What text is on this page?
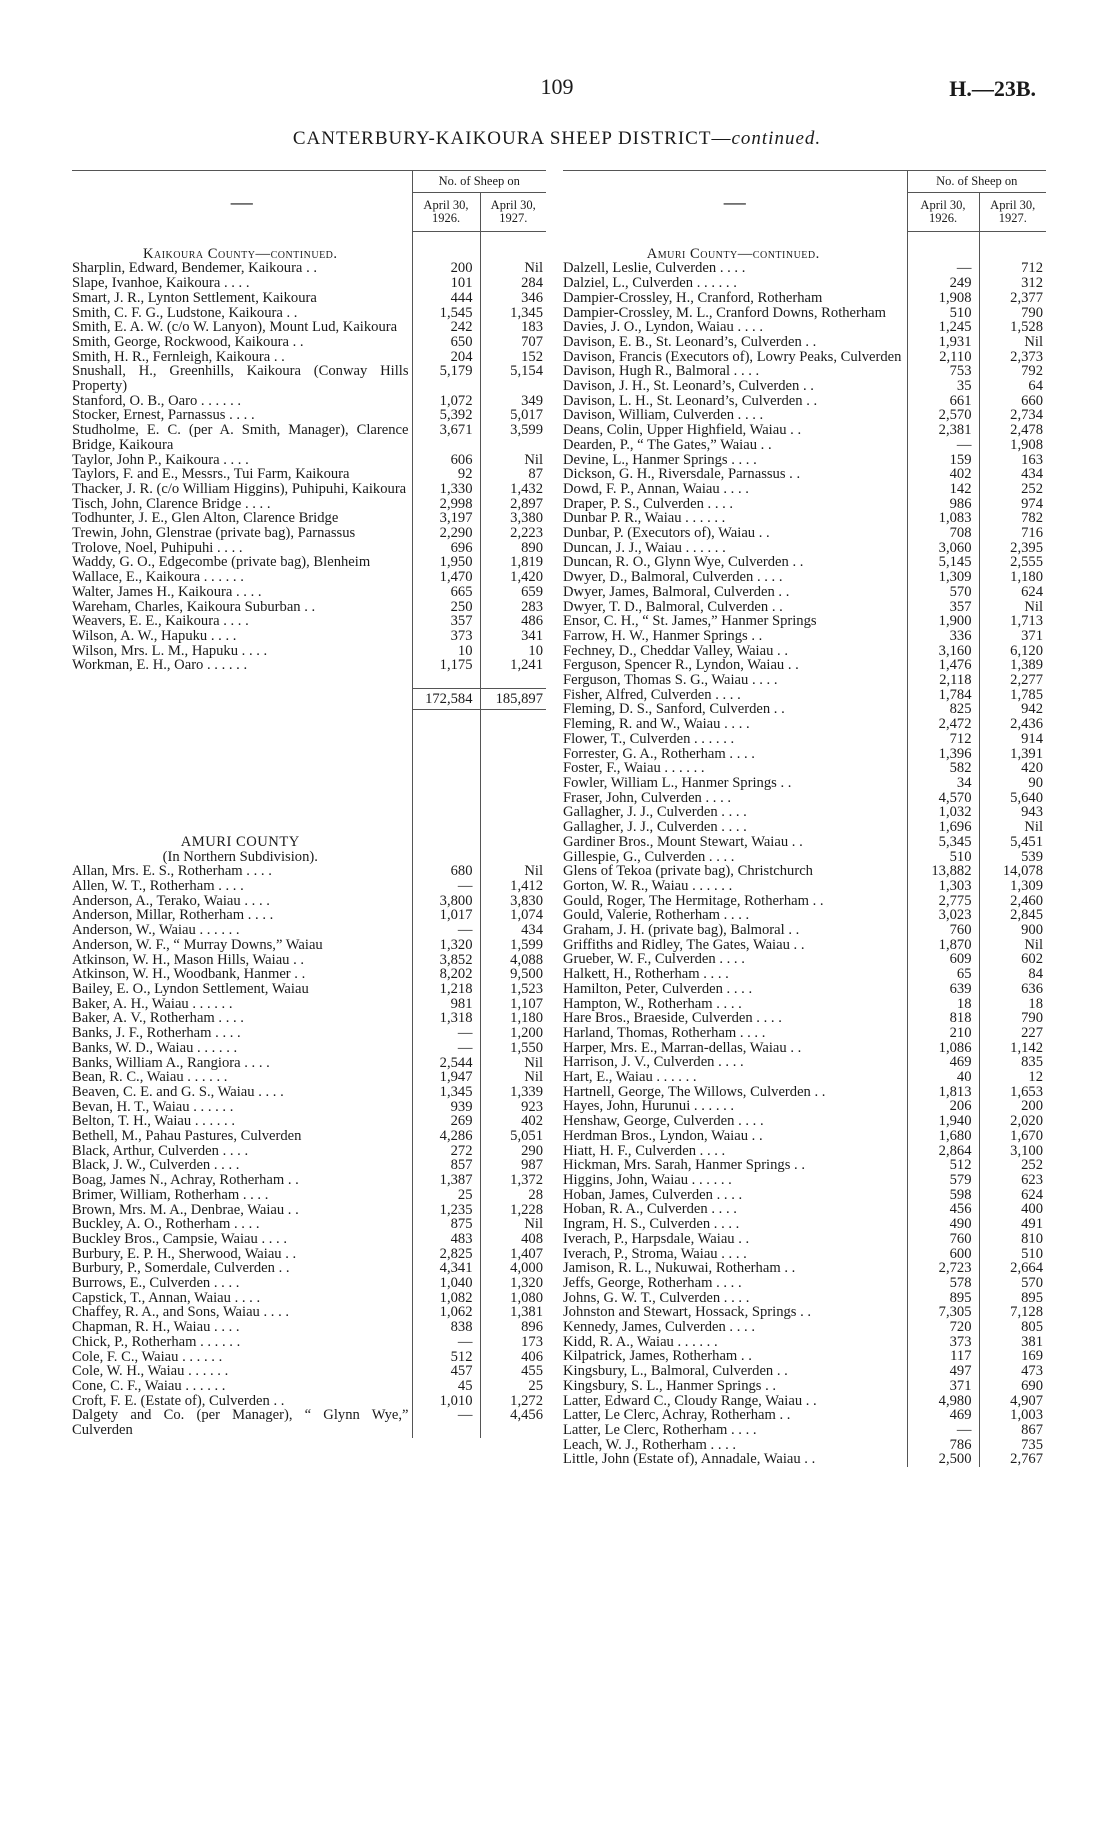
109	H.—23B.
CANTERBURY-KAIKOURA SHEEP DISTRICT—continued.
—	No. of Sheep on	
	April 30, 1926.	April 30, 1927.

Kaikoura County—continued.		
Sharplin, Edward, Bendemer, Kaikoura . .	200	Nil
Slape, Ivanhoe, Kaikoura . . . .	101	284
Smart, J. R., Lynton Settlement, Kaikoura	444	346
Smith, C. F. G., Ludstone, Kaikoura . .	1,545	1,345
Smith, E. A. W. (c/o W. Lanyon), Mount Lud, Kaikoura	242	183
Smith, George, Rockwood, Kaikoura . .	650	707
Smith, H. R., Fernleigh, Kaikoura . .	204	152
Snushall, H., Greenhills, Kaikoura (Conway Hills Property)	5,179	5,154
Stanford, O. B., Oaro . . . . . .	1,072	349
Stocker, Ernest, Parnassus . . . .	5,392	5,017
Studholme, E. C. (per A. Smith, Manager), Clarence Bridge, Kaikoura	3,671	3,599
Taylor, John P., Kaikoura . . . .	606	Nil
Taylors, F. and E., Messrs., Tui Farm, Kaikoura	92	87
Thacker, J. R. (c/o William Higgins), Puhipuhi, Kaikoura	1,330	1,432
Tisch, John, Clarence Bridge . . . .	2,998	2,897
Todhunter, J. E., Glen Alton, Clarence Bridge	3,197	3,380
Trewin, John, Glenstrae (private bag), Parnassus	2,290	2,223
Trolove, Noel, Puhipuhi . . . .	696	890
Waddy, G. O., Edgecombe (private bag), Blenheim	1,950	1,819
Wallace, E., Kaikoura . . . . . .	1,470	1,420
Walter, James H., Kaikoura . . . .	665	659
Wareham, Charles, Kaikoura Suburban . .	250	283
Weavers, E. E., Kaikoura . . . .	357	486
Wilson, A. W., Hapuku . . . .	373	341
Wilson, Mrs. L. M., Hapuku . . . .	10	10
Workman, E. H., Oaro . . . . . .	1,175	1,241

	172,584	185,897

AMURI COUNTY		
(In Northern Subdivision).		
Allan, Mrs. E. S., Rotherham . . . .	680	Nil
Allen, W. T., Rotherham . . . .	—	1,412
Anderson, A., Terako, Waiau . . . .	3,800	3,830
Anderson, Millar, Rotherham . . . .	1,017	1,074
Anderson, W., Waiau . . . . . .	—	434
Anderson, W. F., “ Murray Downs,” Waiau	1,320	1,599
Atkinson, W. H., Mason Hills, Waiau . .	3,852	4,088
Atkinson, W. H., Woodbank, Hanmer . .	8,202	9,500
Bailey, E. O., Lyndon Settlement, Waiau	1,218	1,523
Baker, A. H., Waiau . . . . . .	981	1,107
Baker, A. V., Rotherham . . . .	1,318	1,180
Banks, J. F., Rotherham . . . .	—	1,200
Banks, W. D., Waiau . . . . . .	—	1,550
Banks, William A., Rangiora . . . .	2,544	Nil
Bean, R. C., Waiau . . . . . .	1,947	Nil
Beaven, C. E. and G. S., Waiau . . . .	1,345	1,339
Bevan, H. T., Waiau . . . . . .	939	923
Belton, T. H., Waiau . . . . . .	269	402
Bethell, M., Pahau Pastures, Culverden	4,286	5,051
Black, Arthur, Culverden . . . .	272	290
Black, J. W., Culverden . . . .	857	987
Boag, James N., Achray, Rotherham . .	1,387	1,372
Brimer, William, Rotherham . . . .	25	28
Brown, Mrs. M. A., Denbrae, Waiau . .	1,235	1,228
Buckley, A. O., Rotherham . . . .	875	Nil
Buckley Bros., Campsie, Waiau . . . .	483	408
Burbury, E. P. H., Sherwood, Waiau . .	2,825	1,407
Burbury, P., Somerdale, Culverden . .	4,341	4,000
Burrows, E., Culverden . . . .	1,040	1,320
Capstick, T., Annan, Waiau . . . .	1,082	1,080
Chaffey, R. A., and Sons, Waiau . . . .	1,062	1,381
Chapman, R. H., Waiau . . . .	838	896
Chick, P., Rotherham . . . . . .	—	173
Cole, F. C., Waiau . . . . . .	512	406
Cole, W. H., Waiau . . . . . .	457	455
Cone, C. F., Waiau . . . . . .	45	25
Croft, F. E. (Estate of), Culverden . .	1,010	1,272
Dalgety and Co. (per Manager), “ Glynn Wye,” Culverden	—	4,456
—	No. of Sheep on	
	April 30, 1926.	April 30, 1927.

Amuri County—continued.		
Dalzell, Leslie, Culverden . . . .	—	712
Dalziel, L., Culverden . . . . . .	249	312
Dampier-Crossley, H., Cranford, Rotherham	1,908	2,377
Dampier-Crossley, M. L., Cranford Downs, Rotherham	510	790
Davies, J. O., Lyndon, Waiau . . . .	1,245	1,528
Davison, E. B., St. Leonard’s, Culverden . .	1,931	Nil
Davison, Francis (Executors of), Lowry Peaks, Culverden	2,110	2,373
Davison, Hugh R., Balmoral . . . .	753	792
Davison, J. H., St. Leonard’s, Culverden . .	35	64
Davison, L. H., St. Leonard’s, Culverden . .	661	660
Davison, William, Culverden . . . .	2,570	2,734
Deans, Colin, Upper Highfield, Waiau . .	2,381	2,478
Dearden, P., “ The Gates,” Waiau . .	—	1,908
Devine, L., Hanmer Springs . . . .	159	163
Dickson, G. H., Riversdale, Parnassus . .	402	434
Dowd, F. P., Annan, Waiau . . . .	142	252
Draper, P. S., Culverden . . . .	986	974
Dunbar P. R., Waiau . . . . . .	1,083	782
Dunbar, P. (Executors of), Waiau . .	708	716
Duncan, J. J., Waiau . . . . . .	3,060	2,395
Duncan, R. O., Glynn Wye, Culverden . .	5,145	2,555
Dwyer, D., Balmoral, Culverden . . . .	1,309	1,180
Dwyer, James, Balmoral, Culverden . .	570	624
Dwyer, T. D., Balmoral, Culverden . .	357	Nil
Ensor, C. H., “ St. James,” Hanmer Springs	1,900	1,713
Farrow, H. W., Hanmer Springs . .	336	371
Fechney, D., Cheddar Valley, Waiau . .	3,160	6,120
Ferguson, Spencer R., Lyndon, Waiau . .	1,476	1,389
Ferguson, Thomas S. G., Waiau . . . .	2,118	2,277
Fisher, Alfred, Culverden . . . .	1,784	1,785
Fleming, D. S., Sanford, Culverden . .	825	942
Fleming, R. and W., Waiau . . . .	2,472	2,436
Flower, T., Culverden . . . . . .	712	914
Forrester, G. A., Rotherham . . . .	1,396	1,391
Foster, F., Waiau . . . . . .	582	420
Fowler, William L., Hanmer Springs . .	34	90
Fraser, John, Culverden . . . .	4,570	5,640
Gallagher, J. J., Culverden . . . .	1,032	943
Gallagher, J. J., Culverden . . . .	1,696	Nil
Gardiner Bros., Mount Stewart, Waiau . .	5,345	5,451
Gillespie, G., Culverden . . . .	510	539
Glens of Tekoa (private bag), Christchurch	13,882	14,078
Gorton, W. R., Waiau . . . . . .	1,303	1,309
Gould, Roger, The Hermitage, Rotherham . .	2,775	2,460
Gould, Valerie, Rotherham . . . .	3,023	2,845
Graham, J. H. (private bag), Balmoral . .	760	900
Griffiths and Ridley, The Gates, Waiau . .	1,870	Nil
Grueber, W. F., Culverden . . . .	609	602
Halkett, H., Rotherham . . . .	65	84
Hamilton, Peter, Culverden . . . .	639	636
Hampton, W., Rotherham . . . .	18	18
Hare Bros., Braeside, Culverden . . . .	818	790
Harland, Thomas, Rotherham . . . .	210	227
Harper, Mrs. E., Marran-dellas, Waiau . .	1,086	1,142
Harrison, J. V., Culverden . . . .	469	835
Hart, E., Waiau . . . . . .	40	12
Hartnell, George, The Willows, Culverden . .	1,813	1,653
Hayes, John, Hurunui . . . . . .	206	200
Henshaw, George, Culverden . . . .	1,940	2,020
Herdman Bros., Lyndon, Waiau . .	1,680	1,670
Hiatt, H. F., Culverden . . . .	2,864	3,100
Hickman, Mrs. Sarah, Hanmer Springs . .	512	252
Higgins, John, Waiau . . . . . .	579	623
Hoban, James, Culverden . . . .	598	624
Hoban, R. A., Culverden . . . .	456	400
Ingram, H. S., Culverden . . . .	490	491
Iverach, P., Harpsdale, Waiau . .	760	810
Iverach, P., Stroma, Waiau . . . .	600	510
Jamison, R. L., Nukuwai, Rotherham . .	2,723	2,664
Jeffs, George, Rotherham . . . .	578	570
Johns, G. W. T., Culverden . . . .	895	895
Johnston and Stewart, Hossack, Springs . .	7,305	7,128
Kennedy, James, Culverden . . . .	720	805
Kidd, R. A., Waiau . . . . . .	373	381
Kilpatrick, James, Rotherham . .	117	169
Kingsbury, L., Balmoral, Culverden . .	497	473
Kingsbury, S. L., Hanmer Springs . .	371	690
Latter, Edward C., Cloudy Range, Waiau . .	4,980	4,907
Latter, Le Clerc, Achray, Rotherham . .	469	1,003
Latter, Le Clerc, Rotherham . . . .	—	867
Leach, W. J., Rotherham . . . .	786	735
Little, John (Estate of), Annadale, Waiau . .	2,500	2,767
